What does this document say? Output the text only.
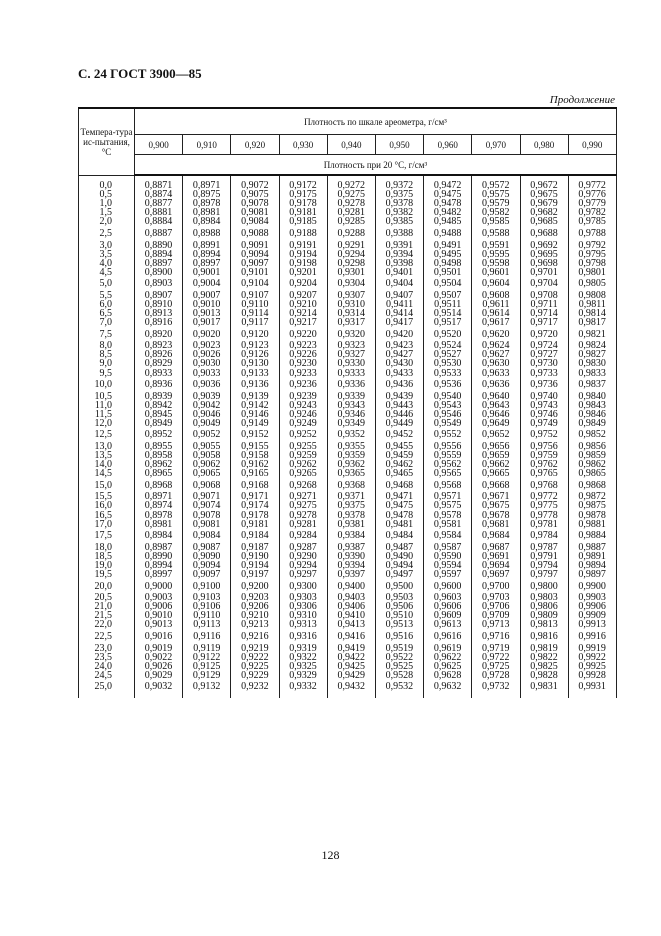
С. 24 ГОСТ 3900—85
Продолжение
Темпера-тура ис-пытания, °С	Плотность по шкале ареометра, г/см³									
	0,900	0,910	0,920	0,930	0,940	0,950	0,960	0,970	0,980	0,990
	Плотность при 20 °С, г/см³									
0,0	0,8871	0,8971	0,9072	0,9172	0,9272	0,9372	0,9472	0,9572	0,9672	0,9772
0,5	0,8874	0,8975	0,9075	0,9175	0,9275	0,9375	0,9475	0,9575	0,9675	0,9776
1,0	0,8877	0,8978	0,9078	0,9178	0,9278	0,9378	0,9478	0,9579	0,9679	0,9779
1,5	0,8881	0,8981	0,9081	0,9181	0,9281	0,9382	0,9482	0,9582	0,9682	0,9782
2,0	0,8884	0,8984	0,9084	0,9185	0,9285	0,9385	0,9485	0,9585	0,9685	0,9785
2,5	0,8887	0,8988	0,9088	0,9188	0,9288	0,9388	0,9488	0,9588	0,9688	0,9788
3,0	0,8890	0,8991	0,9091	0,9191	0,9291	0,9391	0,9491	0,9591	0,9692	0,9792
3,5	0,8894	0,8994	0,9094	0,9194	0,9294	0,9394	0,9495	0,9595	0,9695	0,9795
4,0	0,8897	0,8997	0,9097	0,9198	0,9298	0,9398	0,9498	0,9598	0,9698	0,9798
4,5	0,8900	0,9001	0,9101	0,9201	0,9301	0,9401	0,9501	0,9601	0,9701	0,9801
5,0	0,8903	0,9004	0,9104	0,9204	0,9304	0,9404	0,9504	0,9604	0,9704	0,9805
5,5	0,8907	0,9007	0,9107	0,9207	0,9307	0,9407	0,9507	0,9608	0,9708	0,9808
6,0	0,8910	0,9010	0,9110	0,9210	0,9310	0,9411	0,9511	0,9611	0,9711	0,9811
6,5	0,8913	0,9013	0,9114	0,9214	0,9314	0,9414	0,9514	0,9614	0,9714	0,9814
7,0	0,8916	0,9017	0,9117	0,9217	0,9317	0,9417	0,9517	0,9617	0,9717	0,9817
7,5	0,8920	0,9020	0,9120	0,9220	0,9320	0,9420	0,9520	0,9620	0,9720	0,9821
8,0	0,8923	0,9023	0,9123	0,9223	0,9323	0,9423	0,9524	0,9624	0,9724	0,9824
8,5	0,8926	0,9026	0,9126	0,9226	0,9327	0,9427	0,9527	0,9627	0,9727	0,9827
9,0	0,8929	0,9030	0,9130	0,9230	0,9330	0,9430	0,9530	0,9630	0,9730	0,9830
9,5	0,8933	0,9033	0,9133	0,9233	0,9333	0,9433	0,9533	0,9633	0,9733	0,9833
10,0	0,8936	0,9036	0,9136	0,9236	0,9336	0,9436	0,9536	0,9636	0,9736	0,9837
10,5	0,8939	0,9039	0,9139	0,9239	0,9339	0,9439	0,9540	0,9640	0,9740	0,9840
11,0	0,8942	0,9042	0,9142	0,9243	0,9343	0,9443	0,9543	0,9643	0,9743	0,9843
11,5	0,8945	0,9046	0,9146	0,9246	0,9346	0,9446	0,9546	0,9646	0,9746	0,9846
12,0	0,8949	0,9049	0,9149	0,9249	0,9349	0,9449	0,9549	0,9649	0,9749	0,9849
12,5	0,8952	0,9052	0,9152	0,9252	0,9352	0,9452	0,9552	0,9652	0,9752	0,9852
13,0	0,8955	0,9055	0,9155	0,9255	0,9355	0,9455	0,9556	0,9656	0,9756	0,9856
13,5	0,8958	0,9058	0,9158	0,9259	0,9359	0,9459	0,9559	0,9659	0,9759	0,9859
14,0	0,8962	0,9062	0,9162	0,9262	0,9362	0,9462	0,9562	0,9662	0,9762	0,9862
14,5	0,8965	0,9065	0,9165	0,9265	0,9365	0,9465	0,9565	0,9665	0,9765	0,9865
15,0	0,8968	0,9068	0,9168	0,9268	0,9368	0,9468	0,9568	0,9668	0,9768	0,9868
15,5	0,8971	0,9071	0,9171	0,9271	0,9371	0,9471	0,9571	0,9671	0,9772	0,9872
16,0	0,8974	0,9074	0,9174	0,9275	0,9375	0,9475	0,9575	0,9675	0,9775	0,9875
16,5	0,8978	0,9078	0,9178	0,9278	0,9378	0,9478	0,9578	0,9678	0,9778	0,9878
17,0	0,8981	0,9081	0,9181	0,9281	0,9381	0,9481	0,9581	0,9681	0,9781	0,9881
17,5	0,8984	0,9084	0,9184	0,9284	0,9384	0,9484	0,9584	0,9684	0,9784	0,9884
18,0	0,8987	0,9087	0,9187	0,9287	0,9387	0,9487	0,9587	0,9687	0,9787	0,9887
18,5	0,8990	0,9090	0,9190	0,9290	0,9390	0,9490	0,9590	0,9691	0,9791	0,9891
19,0	0,8994	0,9094	0,9194	0,9294	0,9394	0,9494	0,9594	0,9694	0,9794	0,9894
19,5	0,8997	0,9097	0,9197	0,9297	0,9397	0,9497	0,9597	0,9697	0,9797	0,9897
20,0	0,9000	0,9100	0,9200	0,9300	0,9400	0,9500	0,9600	0,9700	0,9800	0,9900
20,5	0,9003	0,9103	0,9203	0,9303	0,9403	0,9503	0,9603	0,9703	0,9803	0,9903
21,0	0,9006	0,9106	0,9206	0,9306	0,9406	0,9506	0,9606	0,9706	0,9806	0,9906
21,5	0,9010	0,9110	0,9210	0,9310	0,9410	0,9510	0,9609	0,9709	0,9809	0,9909
22,0	0,9013	0,9113	0,9213	0,9313	0,9413	0,9513	0,9613	0,9713	0,9813	0,9913
22,5	0,9016	0,9116	0,9216	0,9316	0,9416	0,9516	0,9616	0,9716	0,9816	0,9916
23,0	0,9019	0,9119	0,9219	0,9319	0,9419	0,9519	0,9619	0,9719	0,9819	0,9919
23,5	0,9022	0,9122	0,9222	0,9322	0,9422	0,9522	0,9622	0,9722	0,9822	0,9922
24,0	0,9026	0,9125	0,9225	0,9325	0,9425	0,9525	0,9625	0,9725	0,9825	0,9925
24,5	0,9029	0,9129	0,9229	0,9329	0,9429	0,9528	0,9628	0,9728	0,9828	0,9928
25,0	0,9032	0,9132	0,9232	0,9332	0,9432	0,9532	0,9632	0,9732	0,9831	0,9931
128
